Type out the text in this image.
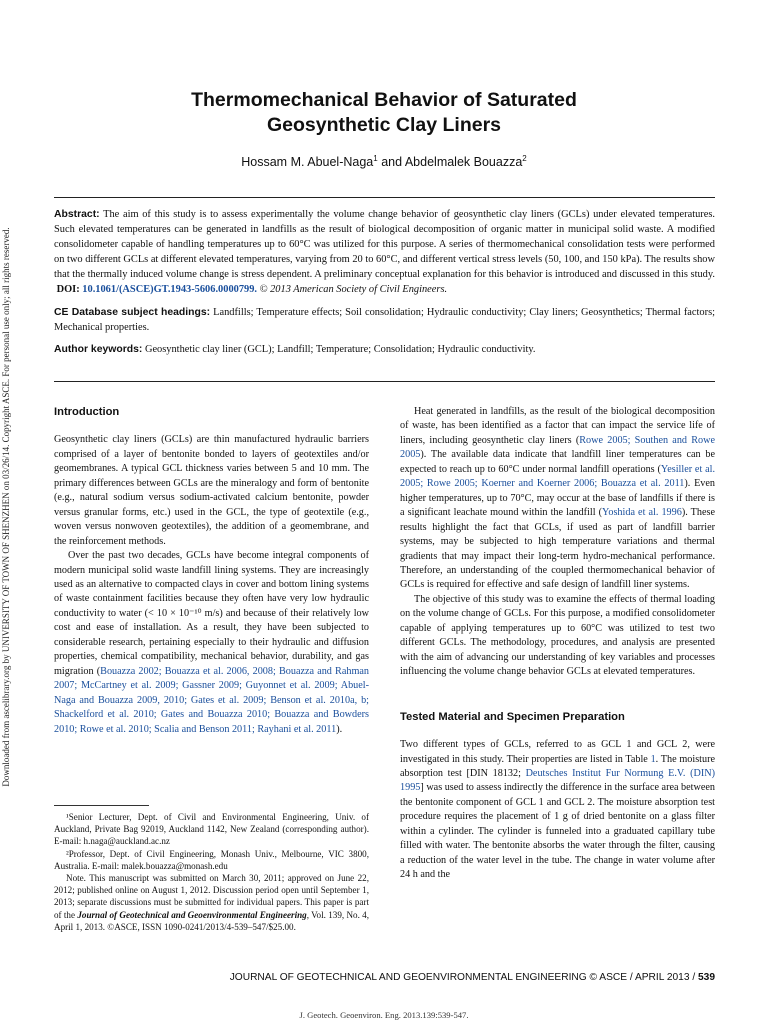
Downloaded from ascelibrary.org by UNIVERSITY OF TOWN OF SHENZHEN on 03/26/14. Copyright ASCE. For personal use only; all rights reserved.
Thermomechanical Behavior of Saturated
Geosynthetic Clay Liners
Hossam M. Abuel-Naga$^1$ and Abdelmalek Bouazza$^2$
Abstract: The aim of this study is to assess experimentally the volume change behavior of geosynthetic clay liners (GCLs) under elevated temperatures. Such elevated temperatures can be generated in landfills as the result of biological decomposition of organic matter in municipal solid waste. A modified consolidometer capable of handling temperatures up to 60°C was utilized for this purpose. A series of thermomechanical consolidation tests were performed on two different GCLs at different elevated temperatures, varying from 20 to 60°C, and different vertical stress levels (50, 100, and 150 kPa). The results show that the thermally induced volume change is stress dependent. A preliminary conceptual explanation for this behavior is introduced and discussed in this study. DOI: 10.1061/(ASCE)GT.1943-5606.0000799. © 2013 American Society of Civil Engineers.
CE Database subject headings: Landfills; Temperature effects; Soil consolidation; Hydraulic conductivity; Clay liners; Geosynthetics; Thermal factors; Mechanical properties.
Author keywords: Geosynthetic clay liner (GCL); Landfill; Temperature; Consolidation; Hydraulic conductivity.
Introduction

Geosynthetic clay liners (GCLs) are thin manufactured hydraulic barriers comprised of a layer of bentonite bonded to layers of geotextiles and/or geomembranes. A typical GCL thickness varies between 5 and 10 mm. The primary differences between GCLs are the mineralogy and form of bentonite (e.g., natural sodium versus sodium-activated calcium bentonite, powder versus granular forms, etc.) used in the GCL, the type of geotextile (e.g., woven versus nonwoven geotextiles), the addition of a geomembrane, and the reinforcement methods.

Over the past two decades, GCLs have become integral components of modern municipal solid waste landfill lining systems. They are increasingly used as an alternative to compacted clays in cover and bottom lining systems of waste containment facilities because they often have very low hydraulic conductivity to water (< 10 × 10⁻¹⁰ m/s) and because of their relatively low cost and ease of installation. As a result, they have been subjected to considerable research, pertaining especially to their hydraulic and diffusion properties, chemical compatibility, mechanical behavior, durability, and gas migration (Bouazza 2002; Bouazza et al. 2006, 2008; Bouazza and Rahman 2007; McCartney et al. 2009; Gassner 2009; Guyonnet et al. 2009; Abuel-Naga and Bouazza 2009, 2010; Gates et al. 2009; Benson et al. 2010a, b; Shackelford et al. 2010; Gates and Bouazza 2010; Bouazza and Bowders 2010; Rowe et al. 2010; Scalia and Benson 2011; Rayhani et al. 2011).

¹Senior Lecturer, Dept. of Civil and Environmental Engineering, Univ. of Auckland, Private Bag 92019, Auckland 1142, New Zealand (corresponding author). E-mail: h.naga@auckland.ac.nz

²Professor, Dept. of Civil Engineering, Monash Univ., Melbourne, VIC 3800, Australia. E-mail: malek.bouazza@monash.edu

Note. This manuscript was submitted on March 30, 2011; approved on June 22, 2012; published online on August 1, 2012. Discussion period open until September 1, 2013; separate discussions must be submitted for individual papers. This paper is part of the Journal of Geotechnical and Geoenvironmental Engineering, Vol. 139, No. 4, April 1, 2013. ©ASCE, ISSN 1090-0241/2013/4-539–547/$25.00.

Heat generated in landfills, as the result of the biological decomposition of waste, has been identified as a factor that can impact the service life of liners, including geosynthetic clay liners (Rowe 2005; Southen and Rowe 2005). The available data indicate that landfill liner temperatures can be expected to reach up to 60°C under normal landfill operations (Yesiller et al. 2005; Rowe 2005; Koerner and Koerner 2006; Bouazza et al. 2011). Even higher temperatures, up to 70°C, may occur at the base of landfills if there is a significant leachate mound within the landfill (Yoshida et al. 1996). These results highlight the fact that GCLs, if used as part of landfill barrier systems, may be subjected to high temperature variations and thermal gradients that may impact their long-term hydro-mechanical performance. Therefore, an understanding of the coupled thermomechanical behavior of GCLs is required for effective and safe design of landfill liner systems.

The objective of this study was to examine the effects of thermal loading on the volume change of GCLs. For this purpose, a modified consolidometer capable of applying temperatures up to 60°C was utilized to test two different GCLs. The methodology, procedures, and analysis are presented with the aim of advancing our understanding of key variables and processes influencing the volume change behavior GCLs at elevated temperatures.

Tested Material and Specimen Preparation

Two different types of GCLs, referred to as GCL 1 and GCL 2, were investigated in this study. Their properties are listed in Table 1. The moisture absorption test [DIN 18132; Deutsches Institut Fur Normung E.V. (DIN) 1995] was used to assess indirectly the difference in the surface area between the bentonite component of GCL 1 and GCL 2. The moisture absorption test procedure requires the placement of 1 g of dried bentonite on a glass filter within a cylinder. The cylinder is funneled into a graduated capillary tube filled with water. The bentonite absorbs the water through the filter, causing a reduction of the water level in the tube. The change in water volume after 24 h and the

JOURNAL OF GEOTECHNICAL AND GEOENVIRONMENTAL ENGINEERING © ASCE / APRIL 2013 / 539
J. Geotech. Geoenviron. Eng. 2013.139:539-547.
